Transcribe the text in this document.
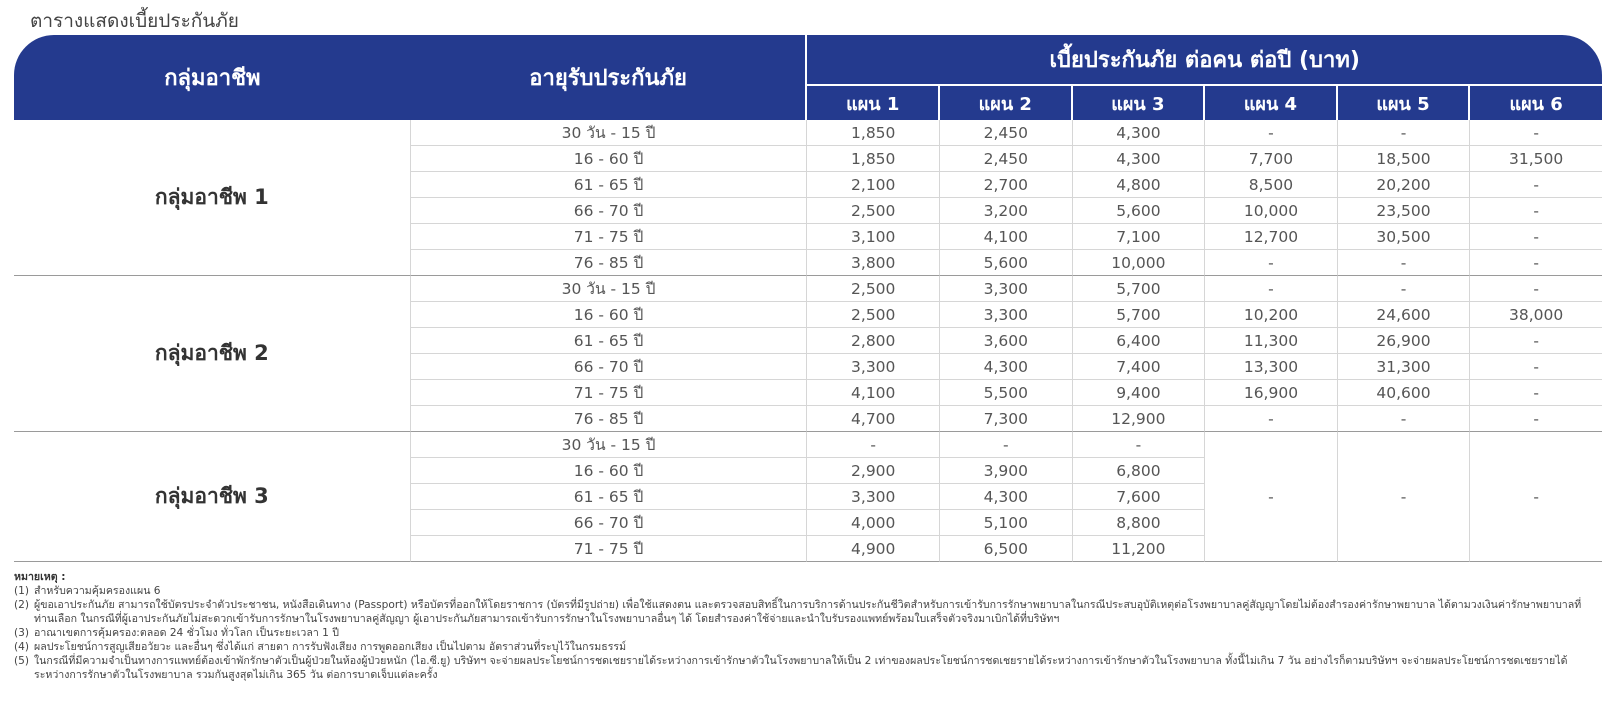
ตารางแสดงเบี้ยประกันภัย
กลุ่มอาชีพ	อายุรับประกันภัย	เบี้ยประกันภัย ต่อคน ต่อปี (บาท)					
		แผน 1	แผน 2	แผน 3	แผน 4	แผน 5	แผน 6
กลุ่มอาชีพ 1	30 วัน - 15 ปี	1,850	2,450	4,300	-	-	-
	16 - 60 ปี	1,850	2,450	4,300	7,700	18,500	31,500
	61 - 65 ปี	2,100	2,700	4,800	8,500	20,200	-
	66 - 70 ปี	2,500	3,200	5,600	10,000	23,500	-
	71 - 75 ปี	3,100	4,100	7,100	12,700	30,500	-
	76 - 85 ปี	3,800	5,600	10,000	-	-	-
กลุ่มอาชีพ 2	30 วัน - 15 ปี	2,500	3,300	5,700	-	-	-
	16 - 60 ปี	2,500	3,300	5,700	10,200	24,600	38,000
	61 - 65 ปี	2,800	3,600	6,400	11,300	26,900	-
	66 - 70 ปี	3,300	4,300	7,400	13,300	31,300	-
	71 - 75 ปี	4,100	5,500	9,400	16,900	40,600	-
	76 - 85 ปี	4,700	7,300	12,900	-	-	-
กลุ่มอาชีพ 3	30 วัน - 15 ปี	-	-	-	-	-	-
	16 - 60 ปี	2,900	3,900	6,800			
	61 - 65 ปี	3,300	4,300	7,600			
	66 - 70 ปี	4,000	5,100	8,800			
	71 - 75 ปี	4,900	6,500	11,200			
หมายเหตุ :
(1) สำหรับความคุ้มครองแผน 6
(2) ผู้ขอเอาประกันภัย สามารถใช้บัตรประจำตัวประชาชน, หนังสือเดินทาง (Passport) หรือบัตรที่ออกให้โดยราชการ (บัตรที่มีรูปถ่าย) เพื่อใช้แสดงตน และตรวจสอบสิทธิ์ในการบริการด้านประกันชีวิตสำหรับการเข้ารับการรักษาพยาบาลในกรณีประสบอุบัติเหตุต่อโรงพยาบาลคู่สัญญาโดยไม่ต้องสำรองค่ารักษาพยาบาล ได้ตามวงเงินค่ารักษาพยาบาลที่ท่านเลือก ในกรณีที่ผู้เอาประกันภัยไม่สะดวกเข้ารับการรักษาในโรงพยาบาลคู่สัญญา ผู้เอาประกันภัยสามารถเข้ารับการรักษาในโรงพยาบาลอื่นๆ ได้ โดยสำรองค่าใช้จ่ายและนำใบรับรองแพทย์พร้อมใบเสร็จตัวจริงมาเบิกได้ที่บริษัทฯ
(3) อาณาเขตการคุ้มครอง:ตลอด 24 ชั่วโมง ทั่วโลก เป็นระยะเวลา 1 ปี
(4) ผลประโยชน์การสูญเสียอวัยวะ และอื่นๆ ซึ่งได้แก่ สายตา การรับฟังเสียง การพูดออกเสียง เป็นไปตาม อัตราส่วนที่ระบุไว้ในกรมธรรม์
(5) ในกรณีที่มีความจำเป็นทางการแพทย์ต้องเข้าพักรักษาตัวเป็นผู้ป่วยในห้องผู้ป่วยหนัก (ไอ.ซี.ยู) บริษัทฯ จะจ่ายผลประโยชน์การชดเชยรายได้ระหว่างการเข้ารักษาตัวในโรงพยาบาลให้เป็น 2 เท่าของผลประโยชน์การชดเชยรายได้ระหว่างการเข้ารักษาตัวในโรงพยาบาล ทั้งนี้ไม่เกิน 7 วัน อย่างไรก็ตามบริษัทฯ จะจ่ายผลประโยชน์การชดเชยรายได้ระหว่างการรักษาตัวในโรงพยาบาล รวมกันสูงสุดไม่เกิน 365 วัน ต่อการบาดเจ็บแต่ละครั้ง
